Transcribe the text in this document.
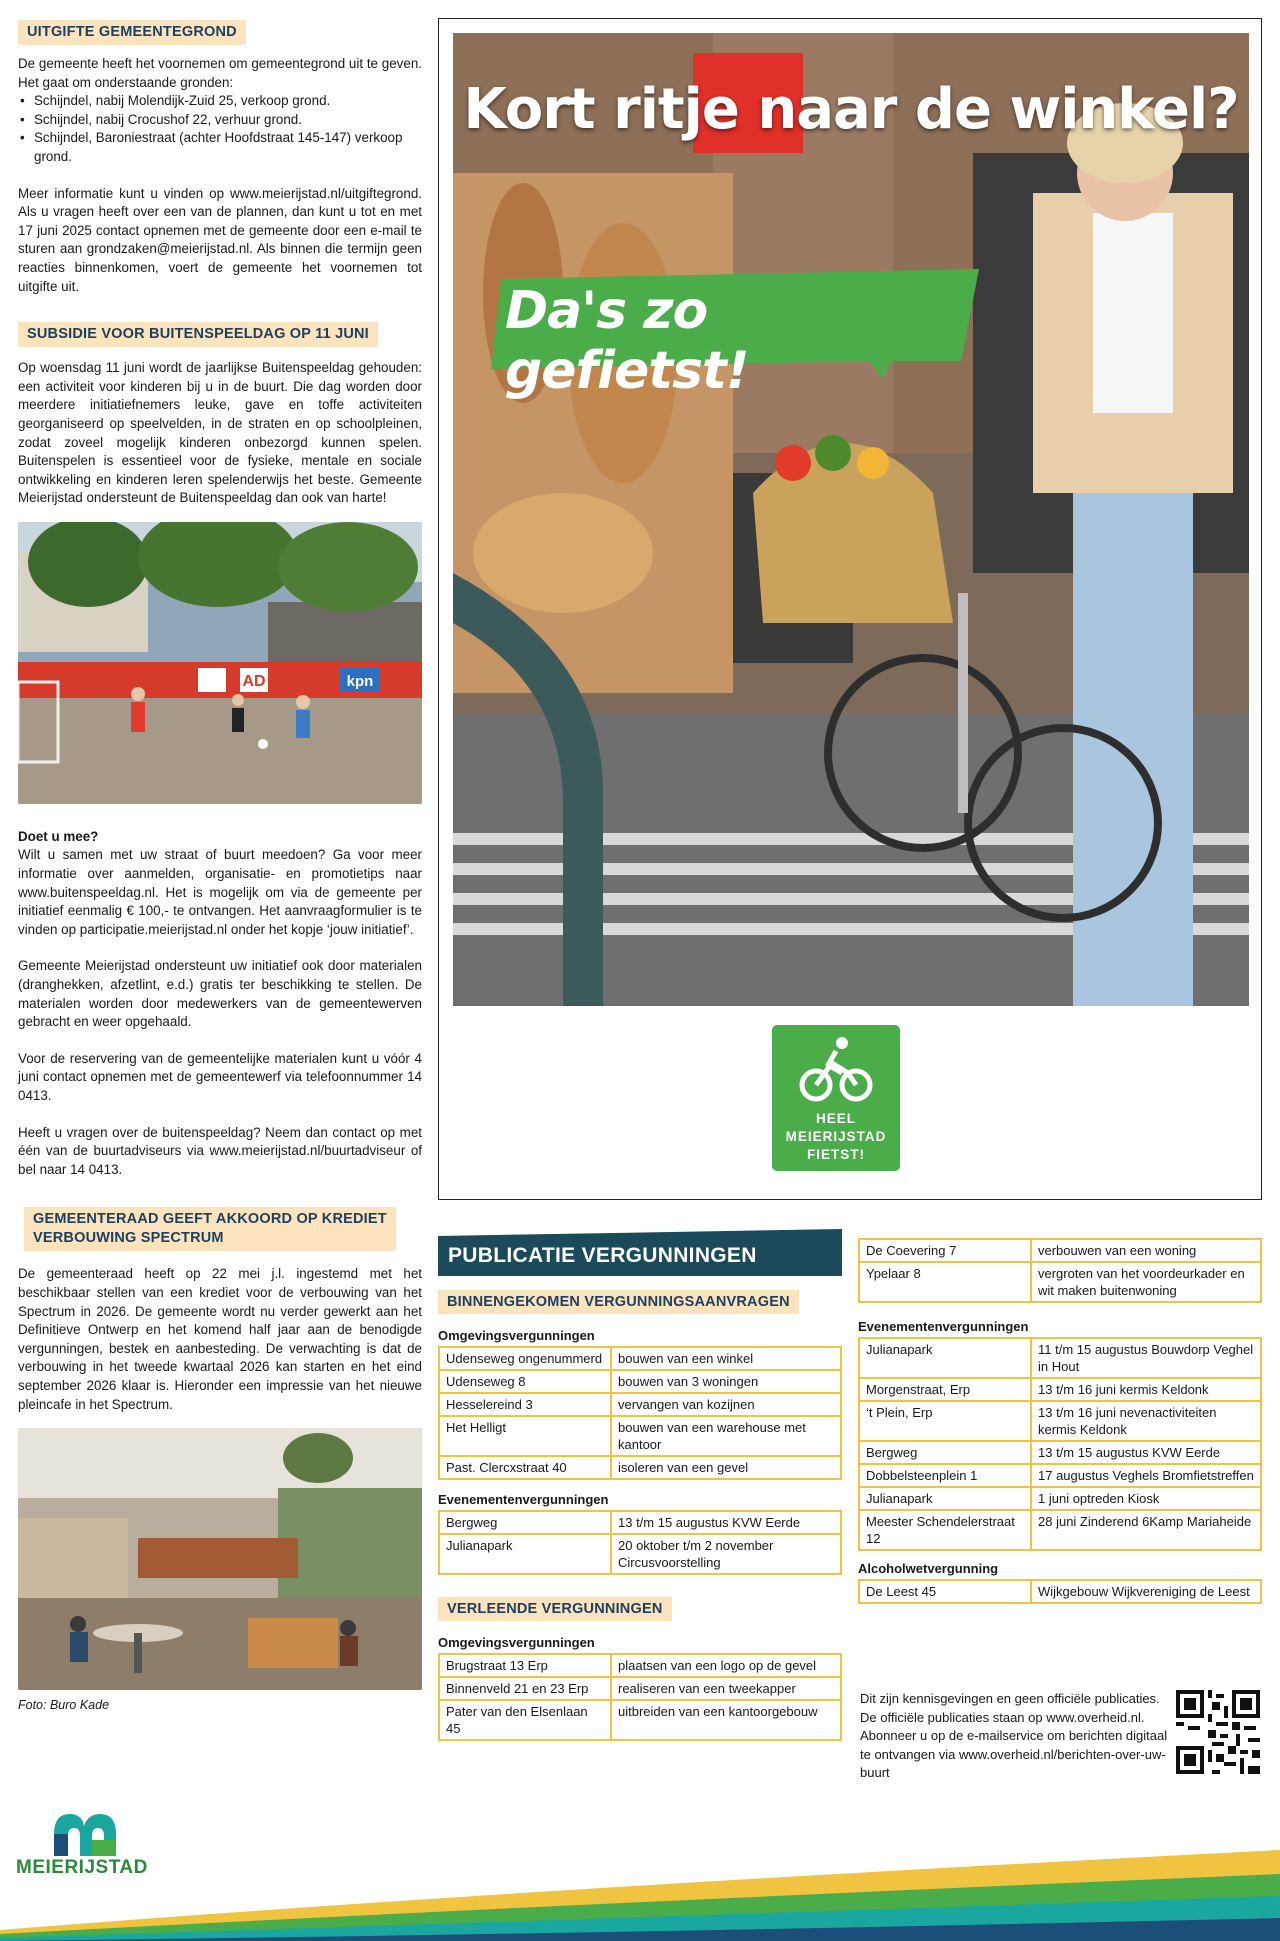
UITGIFTE GEMEENTEGROND

De gemeente heeft het voornemen om gemeentegrond uit te geven. Het gaat om onderstaande gronden:

• Schijndel, nabij Molendijk-Zuid 25, verkoop grond.
• Schijndel, nabij Crocushof 22, verhuur grond.
• Schijndel, Baroniestraat (achter Hoofdstraat 145-147) verkoop grond.

Meer informatie kunt u vinden op www.meierijstad.nl/uitgiftegrond. Als u vragen heeft over een van de plannen, dan kunt u tot en met 17 juni 2025 contact opnemen met de gemeente door een e-mail te sturen aan grondzaken@meierijstad.nl. Als binnen die termijn geen reacties binnenkomen, voert de gemeente het voornemen tot uitgifte uit.

SUBSIDIE VOOR BUITENSPEELDAG OP 11 JUNI

Op woensdag 11 juni wordt de jaarlijkse Buitenspeeldag gehouden: een activiteit voor kinderen bij u in de buurt. Die dag worden door meerdere initiatiefnemers leuke, gave en toffe activiteiten georganiseerd op speelvelden, in de straten en op schoolpleinen, zodat zoveel mogelijk kinderen onbezorgd kunnen spelen. Buitenspelen is essentieel voor de fysieke, mentale en sociale ontwikkeling en kinderen leren spelenderwijs het beste. Gemeente Meierijstad ondersteunt de Buitenspeeldag dan ook van harte!

AD	kpn

Doet u mee?

Wilt u samen met uw straat of buurt meedoen? Ga voor meer informatie over aanmelden, organisatie- en promotietips naar www.buitenspeeldag.nl. Het is mogelijk om via de gemeente per initiatief eenmalig € 100,- te ontvangen. Het aanvraagformulier is te vinden op participatie.meierijstad.nl onder het kopje ‘jouw initiatief’.

Gemeente Meierijstad ondersteunt uw initiatief ook door materialen (dranghekken, afzetlint, e.d.) gratis ter beschikking te stellen. De materialen worden door medewerkers van de gemeentewerven gebracht en weer opgehaald.

Voor de reservering van de gemeentelijke materialen kunt u vóór 4 juni contact opnemen met de gemeentewerf via telefoonnummer 14 0413.

Heeft u vragen over de buitenspeeldag? Neem dan contact op met één van de buurtadviseurs via www.meierijstad.nl/buurtadviseur of bel naar 14 0413.

GEMEENTERAAD GEEFT AKKOORD OP KREDIET
VERBOUWING SPECTRUM

De gemeenteraad heeft op 22 mei j.l. ingestemd met het beschikbaar stellen van een krediet voor de verbouwing van het Spectrum in 2026. De gemeente wordt nu verder gewerkt aan het Definitieve Ontwerp en het komend half jaar aan de benodigde vergunningen, bestek en aanbesteding. De verwachting is dat de verbouwing in het tweede kwartaal 2026 kan starten en het eind september 2026 klaar is. Hieronder een impressie van het nieuwe pleincafe in het Spectrum.

Foto: Buro Kade

Kort ritje naar de winkel?
Da's zo gefietst!
HEEL
MEIERIJSTAD
FIETST!
PUBLICATIE VERGUNNINGEN
BINNENGEKOMEN VERGUNNINGSAANVRAGEN
Omgevingsvergunningen
Udenseweg ongenummerd	bouwen van een winkel
Udenseweg 8	bouwen van 3 woningen
Hesselereind 3	vervangen van kozijnen
Het Helligt	bouwen van een warehouse met kantoor
Past. Clercxstraat 40	isoleren van een gevel
Evenementenvergunningen
Bergweg	13 t/m 15 augustus KVW Eerde
Julianapark	20 oktober t/m 2 november Circusvoorstelling
VERLEENDE VERGUNNINGEN
Omgevingsvergunningen
Brugstraat 13 Erp	plaatsen van een logo op de gevel
Binnenveld 21 en 23 Erp	realiseren van een tweekapper
Pater van den Elsenlaan 45	uitbreiden van een kantoorgebouw
De Coevering 7	verbouwen van een woning
Ypelaar 8	vergroten van het voordeurkader en wit maken buitenwoning
Evenementenvergunningen
Julianapark	11 t/m 15 augustus Bouwdorp Veghel in Hout
Morgenstraat, Erp	13 t/m 16 juni kermis Keldonk
‘t Plein, Erp	13 t/m 16 juni nevenactiviteiten kermis Keldonk
Bergweg	13 t/m 15 augustus KVW Eerde
Dobbelsteenplein 1	17 augustus Veghels Bromfietstreffen
Julianapark	1 juni optreden Kiosk
Meester Schendelerstraat 12	28 juni Zinderend 6Kamp Mariaheide
Alcoholwetvergunning
De Leest 45	Wijkgebouw Wijkvereniging de Leest
Dit zijn kennisgevingen en geen officiële publicaties. De officiële publicaties staan op www.overheid.nl. Abonneer u op de e-mailservice om berichten digitaal te ontvangen via www.overheid.nl/berichten-over-uw-buurt
MEIERIJSTAD
